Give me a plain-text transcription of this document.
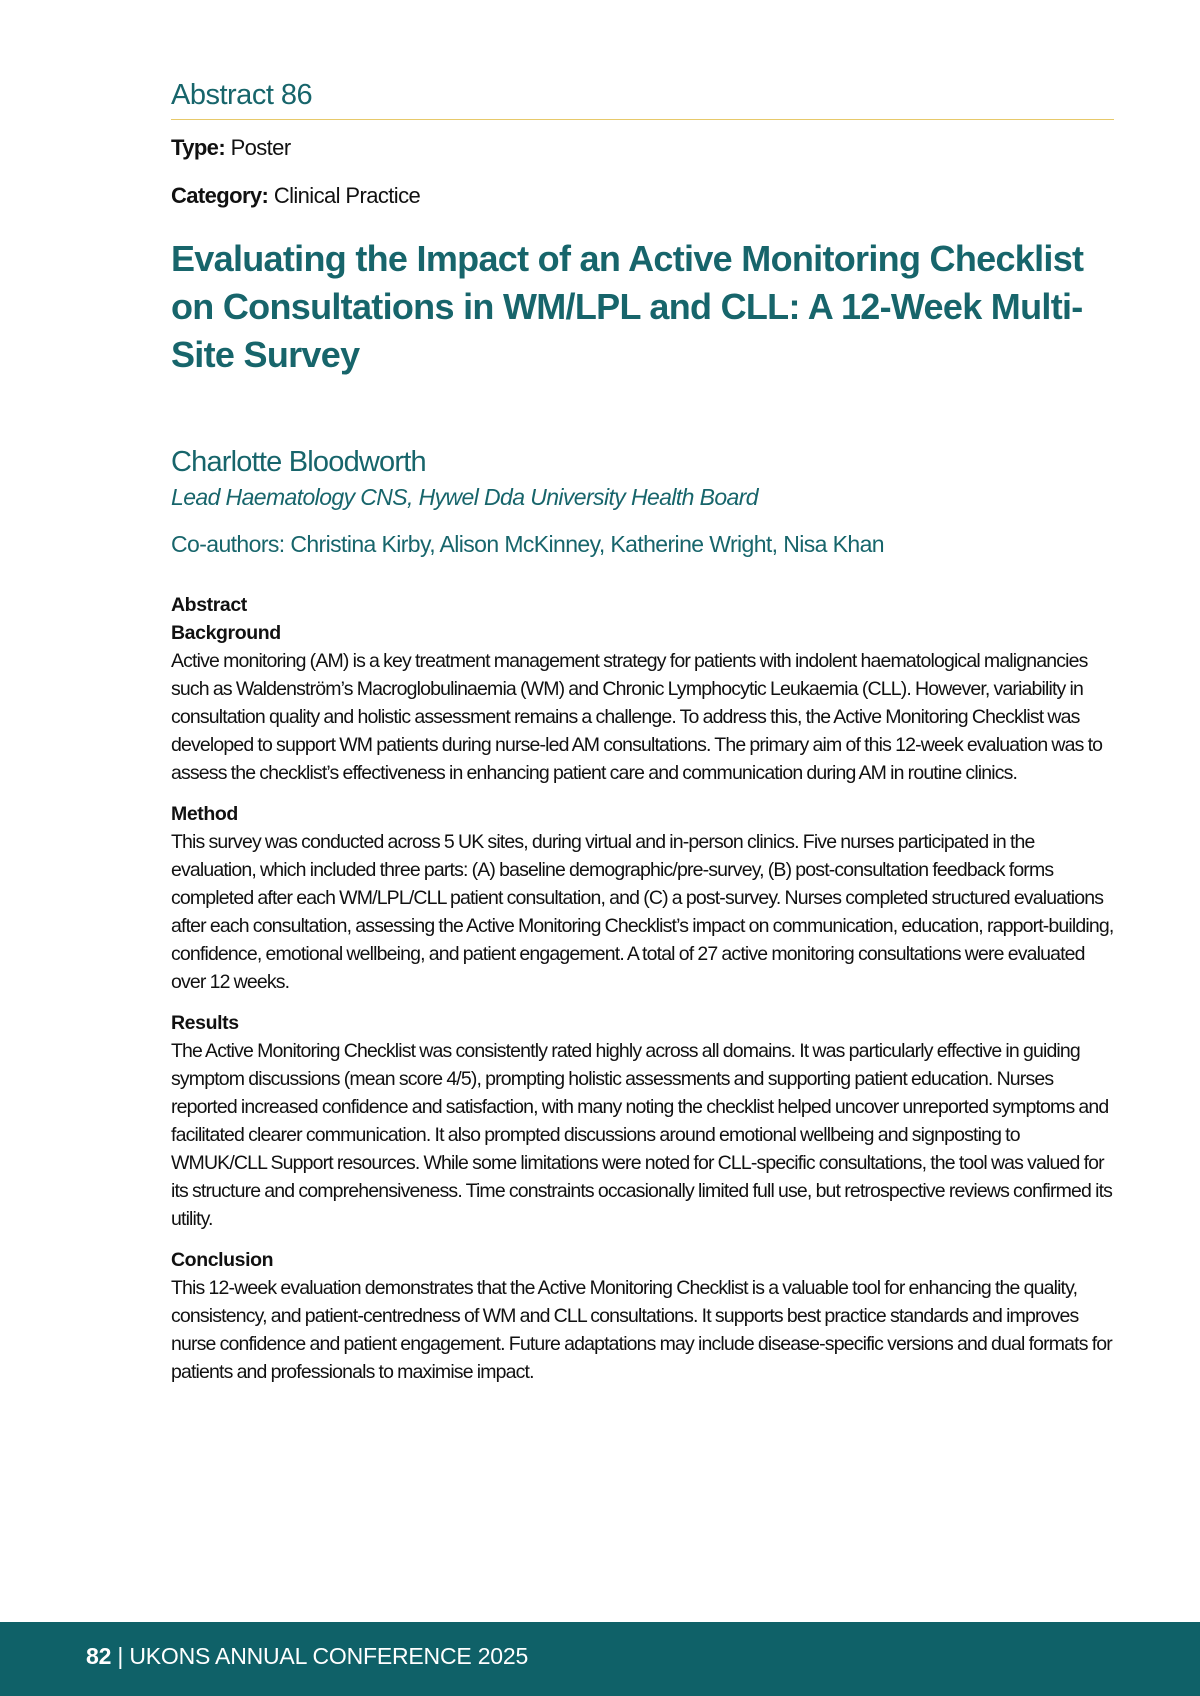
Abstract 86
Type: Poster
Category: Clinical Practice
Evaluating the Impact of an Active Monitoring Checklist on Consultations in WM/LPL and CLL: A 12-Week Multi-Site Survey
Charlotte Bloodworth
Lead Haematology CNS, Hywel Dda University Health Board
Co-authors: Christina Kirby, Alison McKinney, Katherine Wright, Nisa Khan
Abstract
Background
Active monitoring (AM) is a key treatment management strategy for patients with indolent haematological malignancies such as Waldenström’s Macroglobulinaemia (WM) and Chronic Lymphocytic Leukaemia (CLL). However, variability in consultation quality and holistic assessment remains a challenge. To address this, the Active Monitoring Checklist was developed to support WM patients during nurse-led AM consultations. The primary aim of this 12-week evaluation was to assess the checklist’s effectiveness in enhancing patient care and communication during AM in routine clinics.
Method
This survey was conducted across 5 UK sites, during virtual and in-person clinics. Five nurses participated in the evaluation, which included three parts: (A) baseline demographic/pre-survey, (B) post-consultation feedback forms completed after each WM/LPL/CLL patient consultation, and (C) a post-survey. Nurses completed structured evaluations after each consultation, assessing the Active Monitoring Checklist’s impact on communication, education, rapport-building, confidence, emotional wellbeing, and patient engagement. A total of 27 active monitoring consultations were evaluated over 12 weeks.
Results
The Active Monitoring Checklist was consistently rated highly across all domains. It was particularly effective in guiding symptom discussions (mean score 4/5), prompting holistic assessments and supporting patient education. Nurses reported increased confidence and satisfaction, with many noting the checklist helped uncover unreported symptoms and facilitated clearer communication. It also prompted discussions around emotional wellbeing and signposting to WMUK/CLL Support resources. While some limitations were noted for CLL-specific consultations, the tool was valued for its structure and comprehensiveness. Time constraints occasionally limited full use, but retrospective reviews confirmed its utility.
Conclusion
This 12-week evaluation demonstrates that the Active Monitoring Checklist is a valuable tool for enhancing the quality, consistency, and patient-centredness of WM and CLL consultations. It supports best practice standards and improves nurse confidence and patient engagement. Future adaptations may include disease-specific versions and dual formats for patients and professionals to maximise impact.
82 | UKONS ANNUAL CONFERENCE 2025
